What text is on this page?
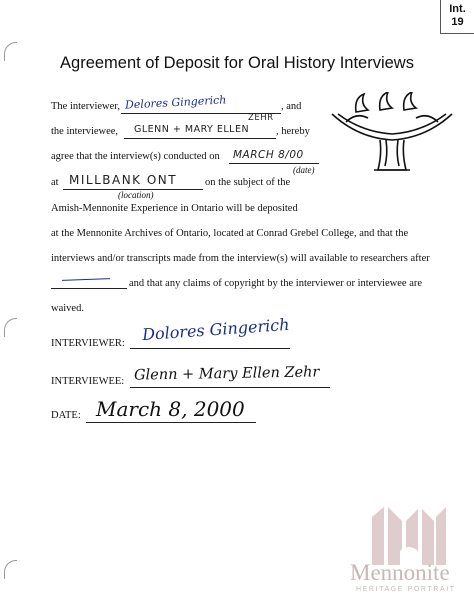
Int.
19
Agreement of Deposit for Oral History Interviews
The interviewer, Delores Gingerich	, and
ZEHR
the interviewee, GLENN + MARY ELLEN	, hereby
agree that the interview(s) conducted on MARCH 8/00
(date)
at MILLBANK ONT	on the subject of the
(location)
Amish-Mennonite Experience in Ontario will be deposited
at the Mennonite Archives of Ontario, located at Conrad Grebel College, and that the
interviews and/or transcripts made from the interview(s) will available to researchers after
and that any claims of copyright by the interviewer or interviewee are
waived.
INTERVIEWER: Dolores Gingerich
INTERVIEWEE: Glenn + Mary Ellen Zehr
DATE: March 8, 2000
Mennonite
HERITAGE PORTRAIT
